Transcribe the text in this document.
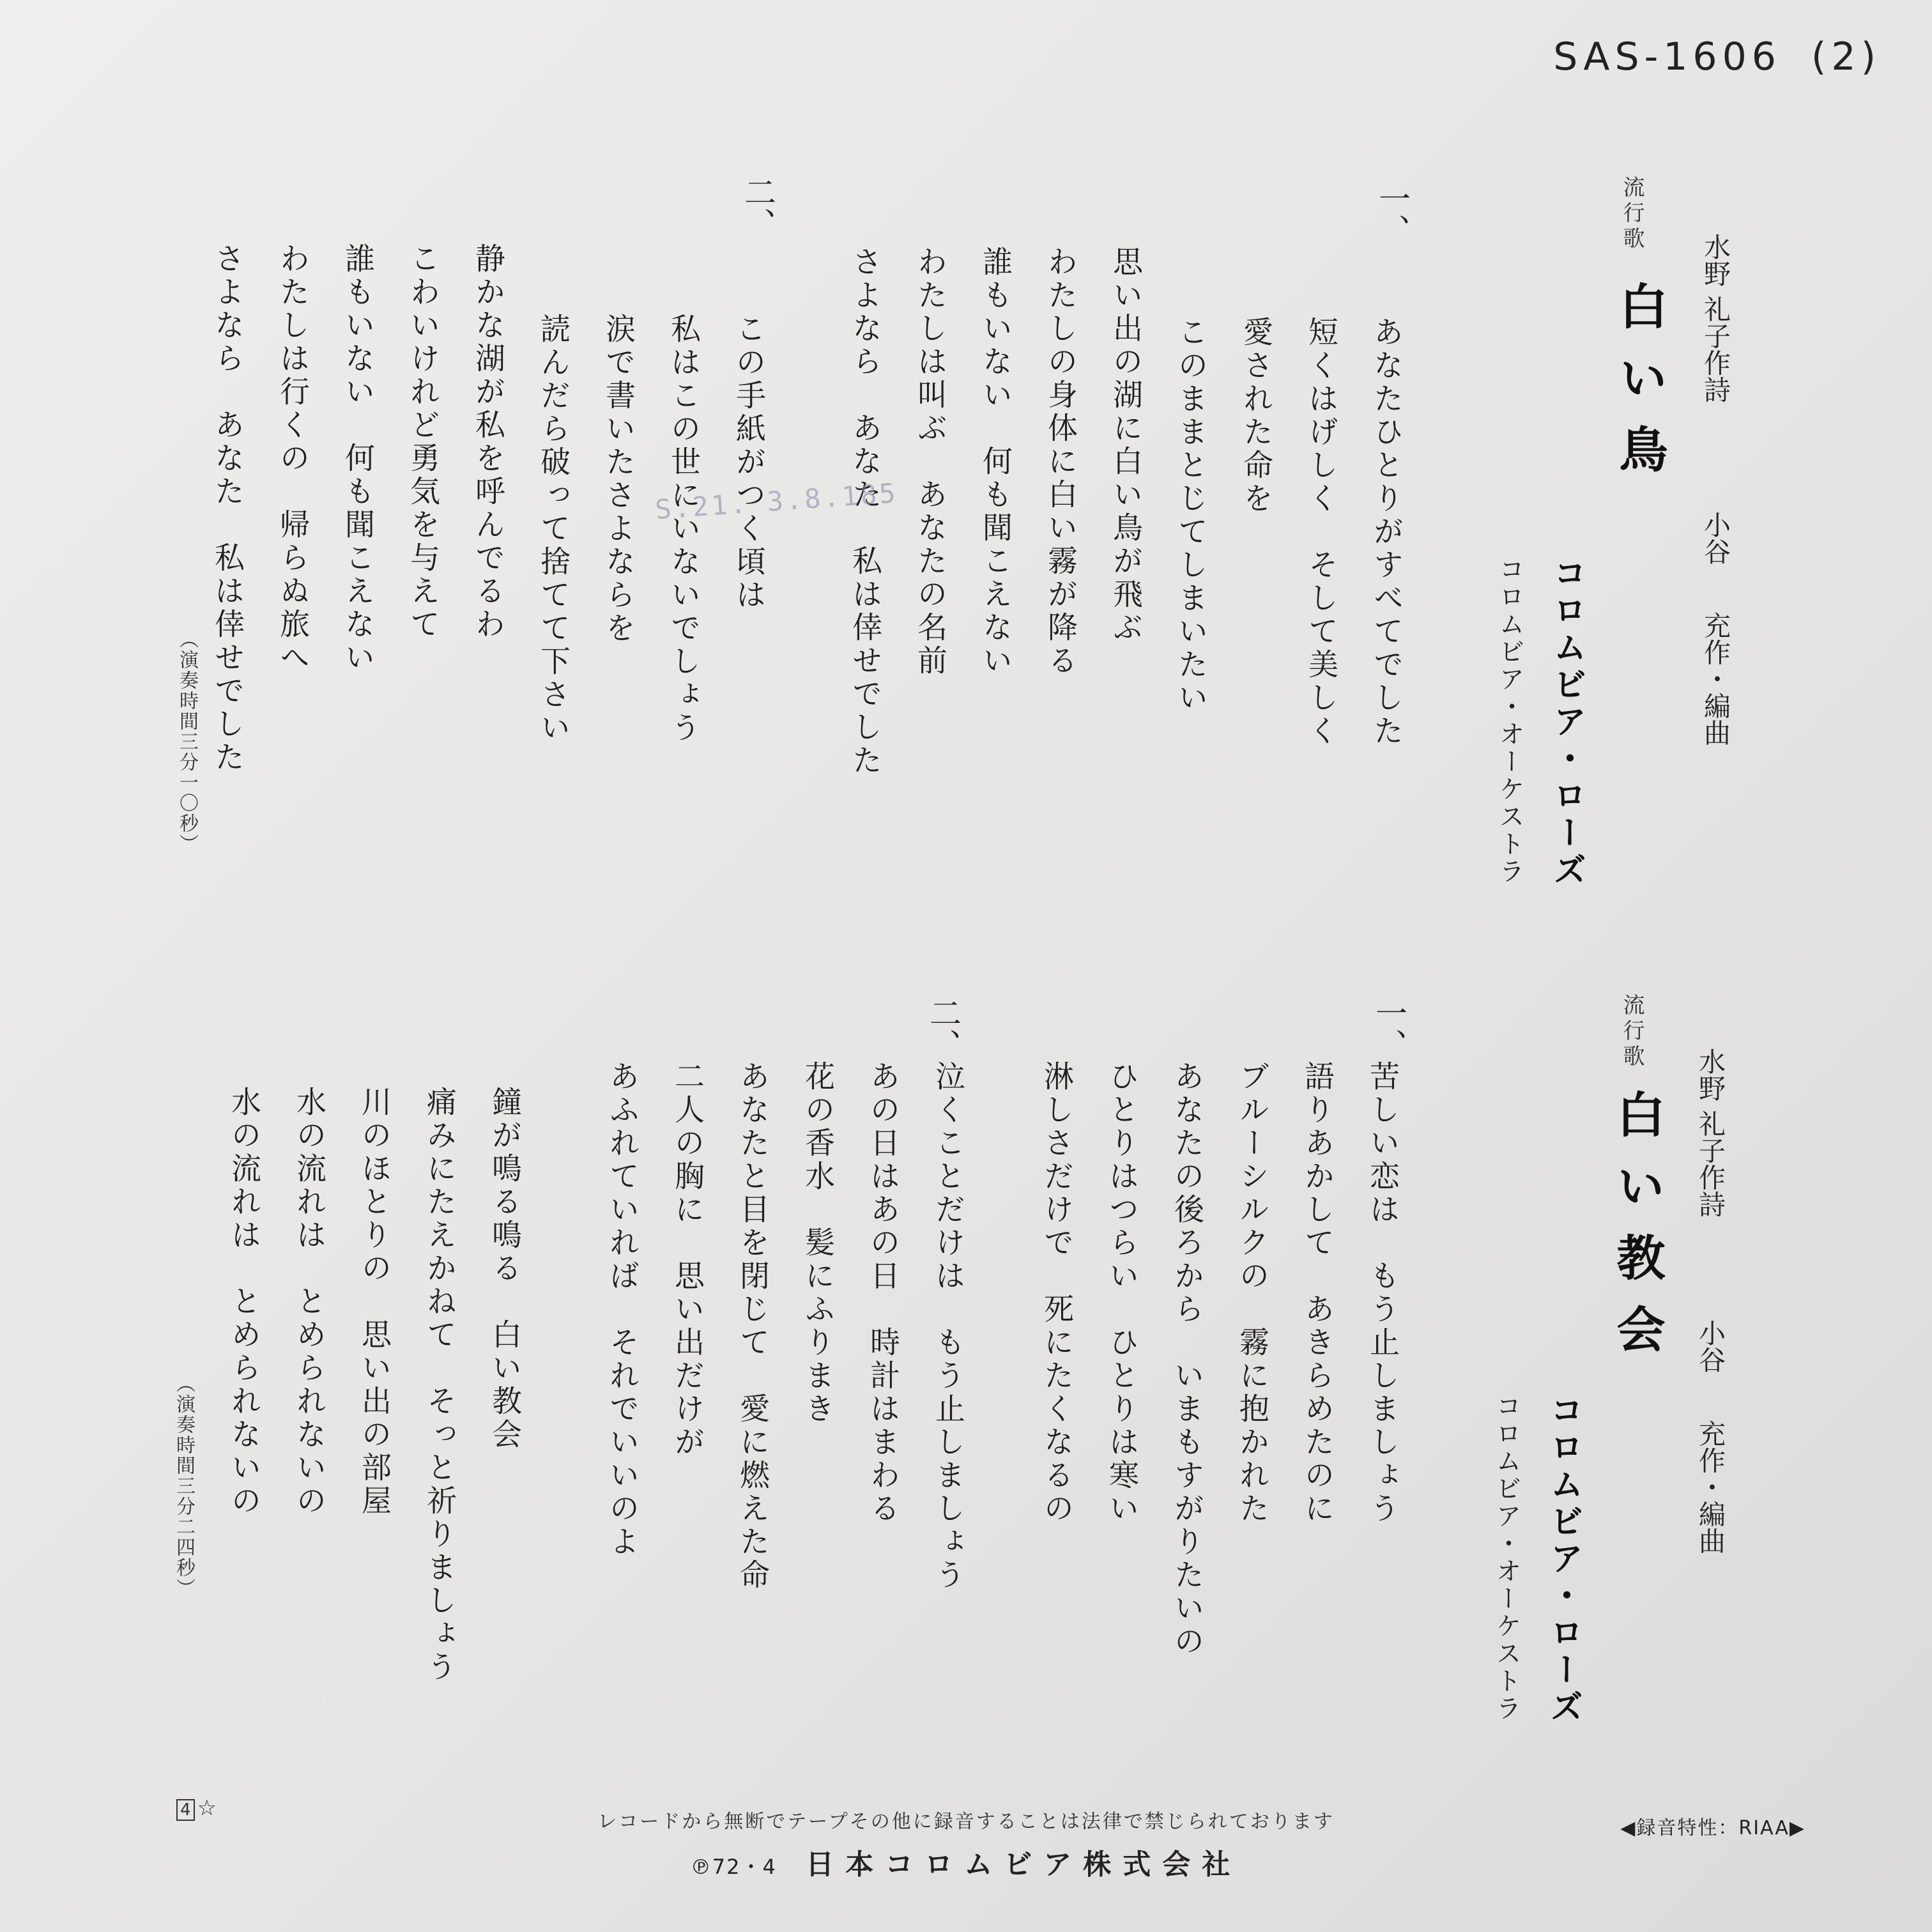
SAS-1606 (2)
流行歌
白い鳥 水野 礼子作詩
小谷 充作・編曲
コロムビア・ローズ
コロムビア・オーケストラ
一、
あなたひとりがすべてでした
短くはげしく　そして美しく
愛された命を
このままとじてしまいたい
思い出の湖に白い鳥が飛ぶ
わたしの身体に白い霧が降る
誰もいない　何も聞こえない
わたしは叫ぶ　あなたの名前
さよなら　あなた　私は倖せでした
二、
この手紙がつく頃は
私はこの世にいないでしょう
涙で書いたさよならを
読んだら破って捨てて下さい
静かな湖が私を呼んでるわ
こわいけれど勇気を与えて
誰もいない　何も聞こえない
わたしは行くの　帰らぬ旅へ
さよなら　あなた　私は倖せでした
（演奏時間三分一〇秒）
S.21. 3.8.185
流行歌
白い教会 水野 礼子作詩
小谷 充作・編曲
コロムビア・ローズ
コロムビア・オーケストラ
一、
苦しい恋は　もう止しましょう
語りあかして　あきらめたのに
ブルーシルクの　霧に抱かれた
あなたの後ろから　いまもすがりたいの
ひとりはつらい　ひとりは寒い
淋しさだけで　死にたくなるの
二、
泣くことだけは　もう止しましょう
あの日はあの日　時計はまわる
花の香水　髪にふりまき
あなたと目を閉じて　愛に燃えた命
二人の胸に　思い出だけが
あふれていれば　それでいいのよ
鐘が鳴る鳴る　白い教会
痛みにたえかねて　そっと祈りましょう
川のほとりの　思い出の部屋
水の流れは　とめられないの
水の流れは　とめられないの
（演奏時間三分二四秒）
4 ☆
レコードから無断でテープその他に録音することは法律で禁じられております
℗72・4 日本コロムビア株式会社
◀録音特性：RIAA▶
